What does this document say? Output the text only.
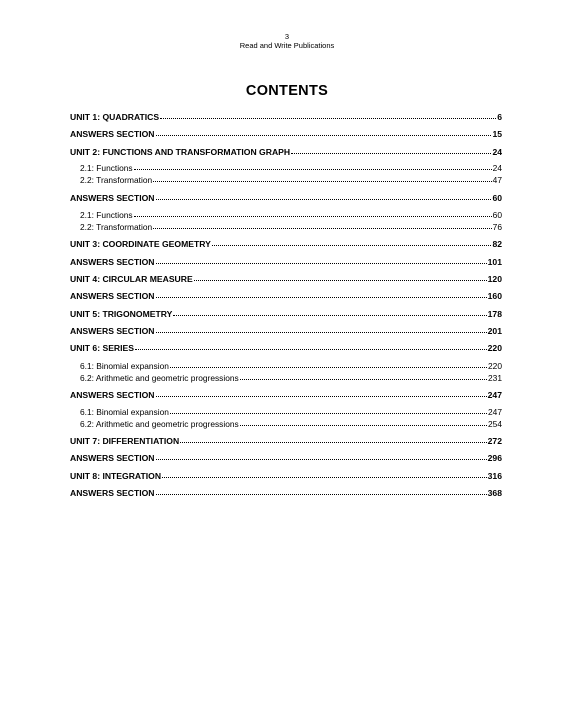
3
Read and Write Publications
CONTENTS
UNIT 1: QUADRATICS	6
ANSWERS SECTION	15
UNIT 2: FUNCTIONS AND TRANSFORMATION GRAPH	24
2.1: Functions	24
2.2: Transformation	47
ANSWERS SECTION	60
2.1: Functions	60
2.2: Transformation	76
UNIT 3: COORDINATE GEOMETRY	82
ANSWERS SECTION	101
UNIT 4: CIRCULAR MEASURE	120
ANSWERS SECTION	160
UNIT 5: TRIGONOMETRY	178
ANSWERS SECTION	201
UNIT 6: SERIES	220
6.1: Binomial expansion	220
6.2: Arithmetic and geometric progressions	231
ANSWERS SECTION	247
6.1: Binomial expansion	247
6.2: Arithmetic and geometric progressions	254
UNIT 7: DIFFERENTIATION	272
ANSWERS SECTION	296
UNIT 8: INTEGRATION	316
ANSWERS SECTION	368
